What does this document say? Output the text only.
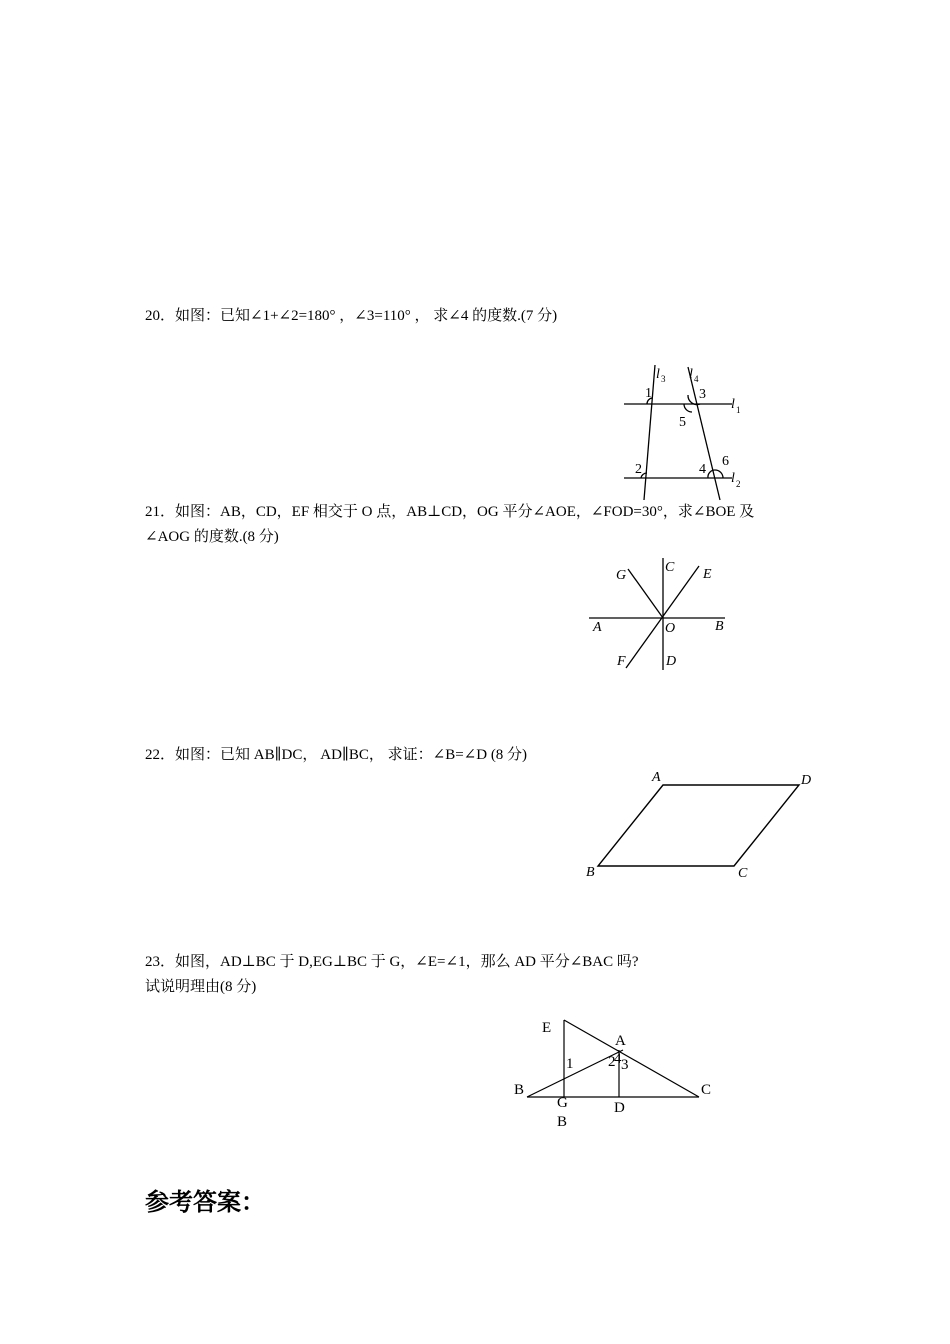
20．如图：已知∠1+∠2=180° ，∠3=110° ， 求∠4 的度数.(7 分)
l 3 l 4
l 1
l 2
1	3
5
6
2	4
21．如图：AB，CD，EF 相交于 O 点，AB⊥CD，OG 平分∠AOE，∠FOD=30°，求∠BOE 及
∠AOG 的度数.(8 分)
G
C E
A	O	B
F	D
22．如图：已知 AB∥DC， AD∥BC， 求证：∠B=∠D (8 分)
A	D
B	C
23．如图，AD⊥BC 于 D,EG⊥BC 于 G，∠E=∠1，那么 AD 平分∠BAC 吗?
试说明理由(8 分)
E
A
1	4
2 3
B	C
G	D
B
参考答案：
